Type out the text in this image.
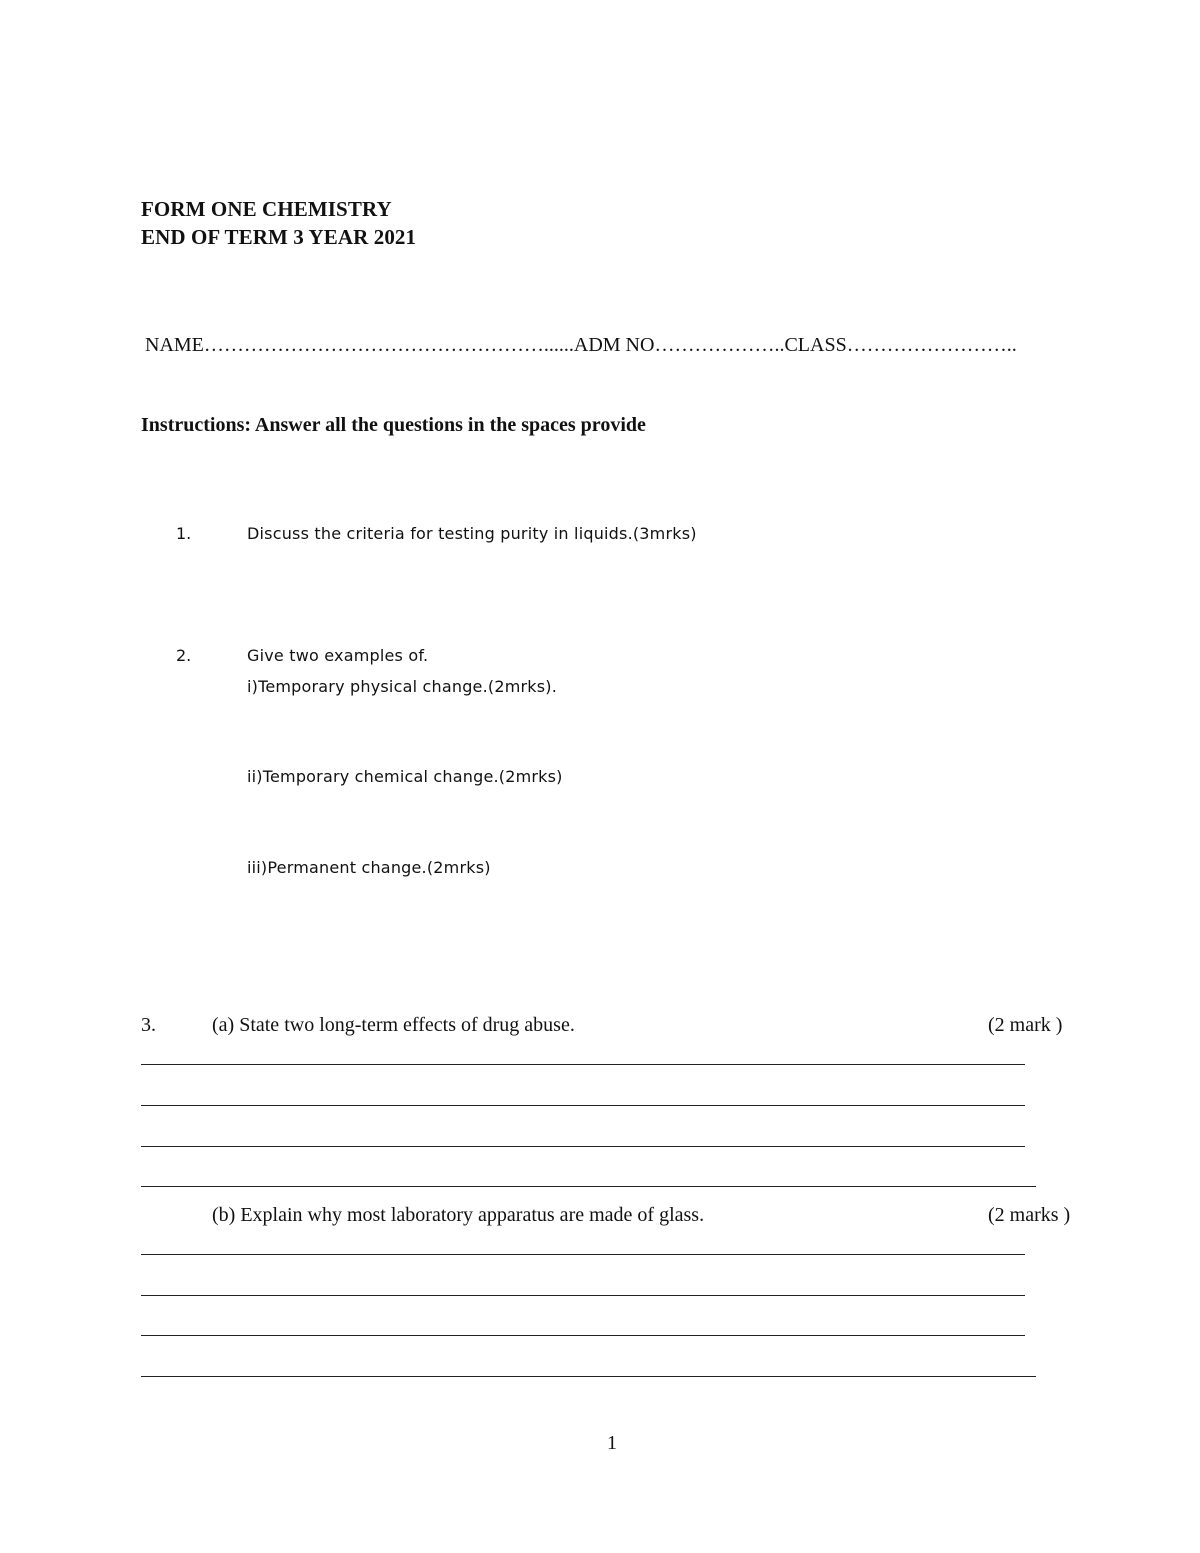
FORM ONE CHEMISTRY
END OF TERM 3 YEAR 2021
NAME……………………………………………......ADM NO………………..CLASS……………………..
Instructions: Answer all the questions in the spaces provide
1.	Discuss the criteria for testing purity in liquids.(3mrks)
2.	Give two examples of.
i)Temporary physical change.(2mrks).
ii)Temporary chemical change.(2mrks)
iii)Permanent change.(2mrks)
3.	(a) State two long-term effects of drug abuse.	(2 mark )
(b) Explain why most laboratory apparatus are made of glass.	(2 marks )
1
